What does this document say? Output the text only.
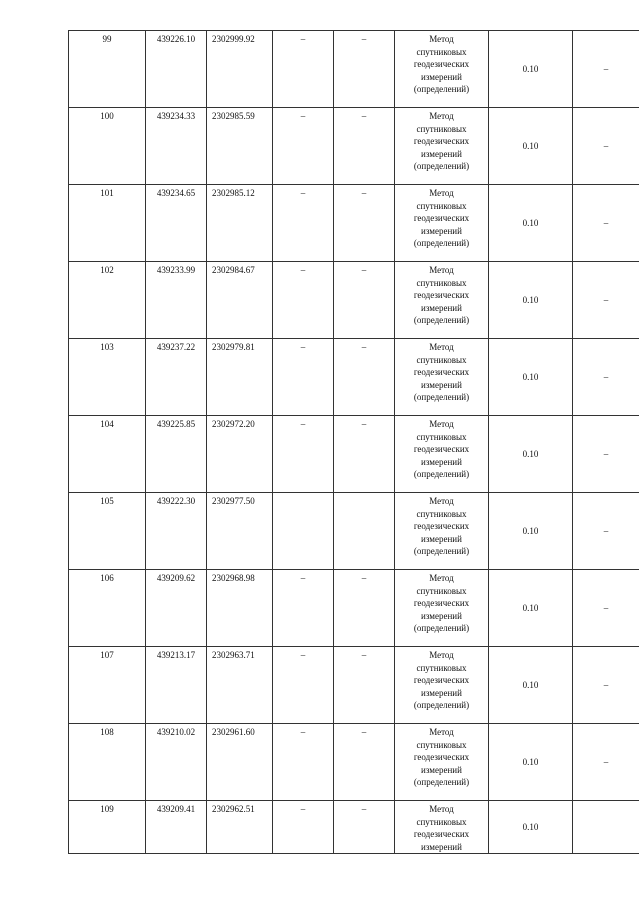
99	439226.10	2302999.92	–	–	Метод
спутниковых
геодезических
измерений
(определений)	0.10	–
100	439234.33	2302985.59	–	–	Метод
спутниковых
геодезических
измерений
(определений)	0.10	–
101	439234.65	2302985.12	–	–	Метод
спутниковых
геодезических
измерений
(определений)	0.10	–
102	439233.99	2302984.67	–	–	Метод
спутниковых
геодезических
измерений
(определений)	0.10	–
103	439237.22	2302979.81	–	–	Метод
спутниковых
геодезических
измерений
(определений)	0.10	–
104	439225.85	2302972.20	–	–	Метод
спутниковых
геодезических
измерений
(определений)	0.10	–
105	439222.30	2302977.50			Метод
спутниковых
геодезических
измерений
(определений)	0.10	–
106	439209.62	2302968.98	–	–	Метод
спутниковых
геодезических
измерений
(определений)	0.10	–
107	439213.17	2302963.71	–	–	Метод
спутниковых
геодезических
измерений
(определений)	0.10	–
108	439210.02	2302961.60	–	–	Метод
спутниковых
геодезических
измерений
(определений)	0.10	–
109	439209.41	2302962.51	–	–	Метод
спутниковых
геодезических
измерений	0.10	
